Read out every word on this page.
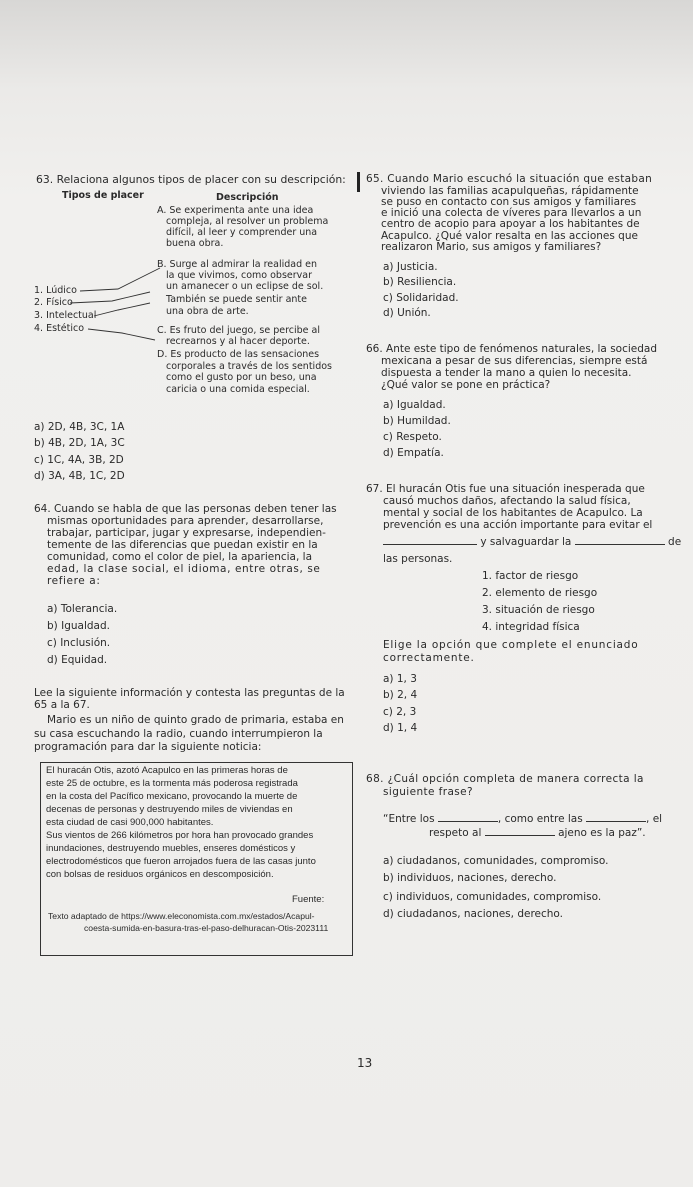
63. Relaciona algunos tipos de placer con su descripción:
Tipos de placer	Descripción
A. Se experimenta ante una idea
compleja, al resolver un problema
difícil, al leer y comprender una
buena obra.
B. Surge al admirar la realidad en
la que vivimos, como observar
un amanecer o un eclipse de sol.
También se puede sentir ante
una obra de arte.
C. Es fruto del juego, se percibe al
recrearnos y al hacer deporte.
D. Es producto de las sensaciones
corporales a través de los sentidos
como el gusto por un beso, una
caricia o una comida especial.
1. Lúdico
2. Físico
3. Intelectual
4. Estético
a) 2D, 4B, 3C, 1A
b) 4B, 2D, 1A, 3C
c) 1C, 4A, 3B, 2D
d) 3A, 4B, 1C, 2D
64. Cuando se habla de que las personas deben tener las
mismas oportunidades para aprender, desarrollarse,
trabajar, participar, jugar y expresarse, independien-
temente de las diferencias que puedan existir en la
comunidad, como el color de piel, la apariencia, la
edad, la clase social, el idioma, entre otras, se
refiere a:
a) Tolerancia.
b) Igualdad.
c) Inclusión.
d) Equidad.
Lee la siguiente información y contesta las preguntas de la
65 a la 67.
Mario es un niño de quinto grado de primaria, estaba en
su casa escuchando la radio, cuando interrumpieron la
programación para dar la siguiente noticia:
El huracán Otis, azotó Acapulco en las primeras horas de
este 25 de octubre, es la tormenta más poderosa registrada
en la costa del Pacífico mexicano, provocando la muerte de
decenas de personas y destruyendo miles de viviendas en
esta ciudad de casi 900,000 habitantes.
Sus vientos de 266 kilómetros por hora han provocado grandes
inundaciones, destruyendo muebles, enseres domésticos y
electrodomésticos que fueron arrojados fuera de las casas junto
con bolsas de residuos orgánicos en descomposición.
Fuente:
Texto adaptado de https://www.eleconomista.com.mx/estados/Acapul-
coesta-sumida-en-basura-tras-el-paso-delhuracan-Otis-2023111
65. Cuando Mario escuchó la situación que estaban
viviendo las familias acapulqueñas, rápidamente
se puso en contacto con sus amigos y familiares
e inició una colecta de víveres para llevarlos a un
centro de acopio para apoyar a los habitantes de
Acapulco. ¿Qué valor resalta en las acciones que
realizaron Mario, sus amigos y familiares?
a) Justicia.
b) Resiliencia.
c) Solidaridad.
d) Unión.
66. Ante este tipo de fenómenos naturales, la sociedad
mexicana a pesar de sus diferencias, siempre está
dispuesta a tender la mano a quien lo necesita.
¿Qué valor se pone en práctica?
a) Igualdad.
b) Humildad.
c) Respeto.
d) Empatía.
67. El huracán Otis fue una situación inesperada que
causó muchos daños, afectando la salud física,
mental y social de los habitantes de Acapulco. La
prevención es una acción importante para evitar el
y salvaguardar la	de
las personas.
1. factor de riesgo
2. elemento de riesgo
3. situación de riesgo
4. integridad física
Elige la opción que complete el enunciado
correctamente.
a) 1, 3
b) 2, 4
c) 2, 3
d) 1, 4
68. ¿Cuál opción completa de manera correcta la
siguiente frase?
“Entre los	, como entre las	, el
respeto al	ajeno es la paz”.
a) ciudadanos, comunidades, compromiso.
b) individuos, naciones, derecho.
c) individuos, comunidades, compromiso.
d) ciudadanos, naciones, derecho.
13
